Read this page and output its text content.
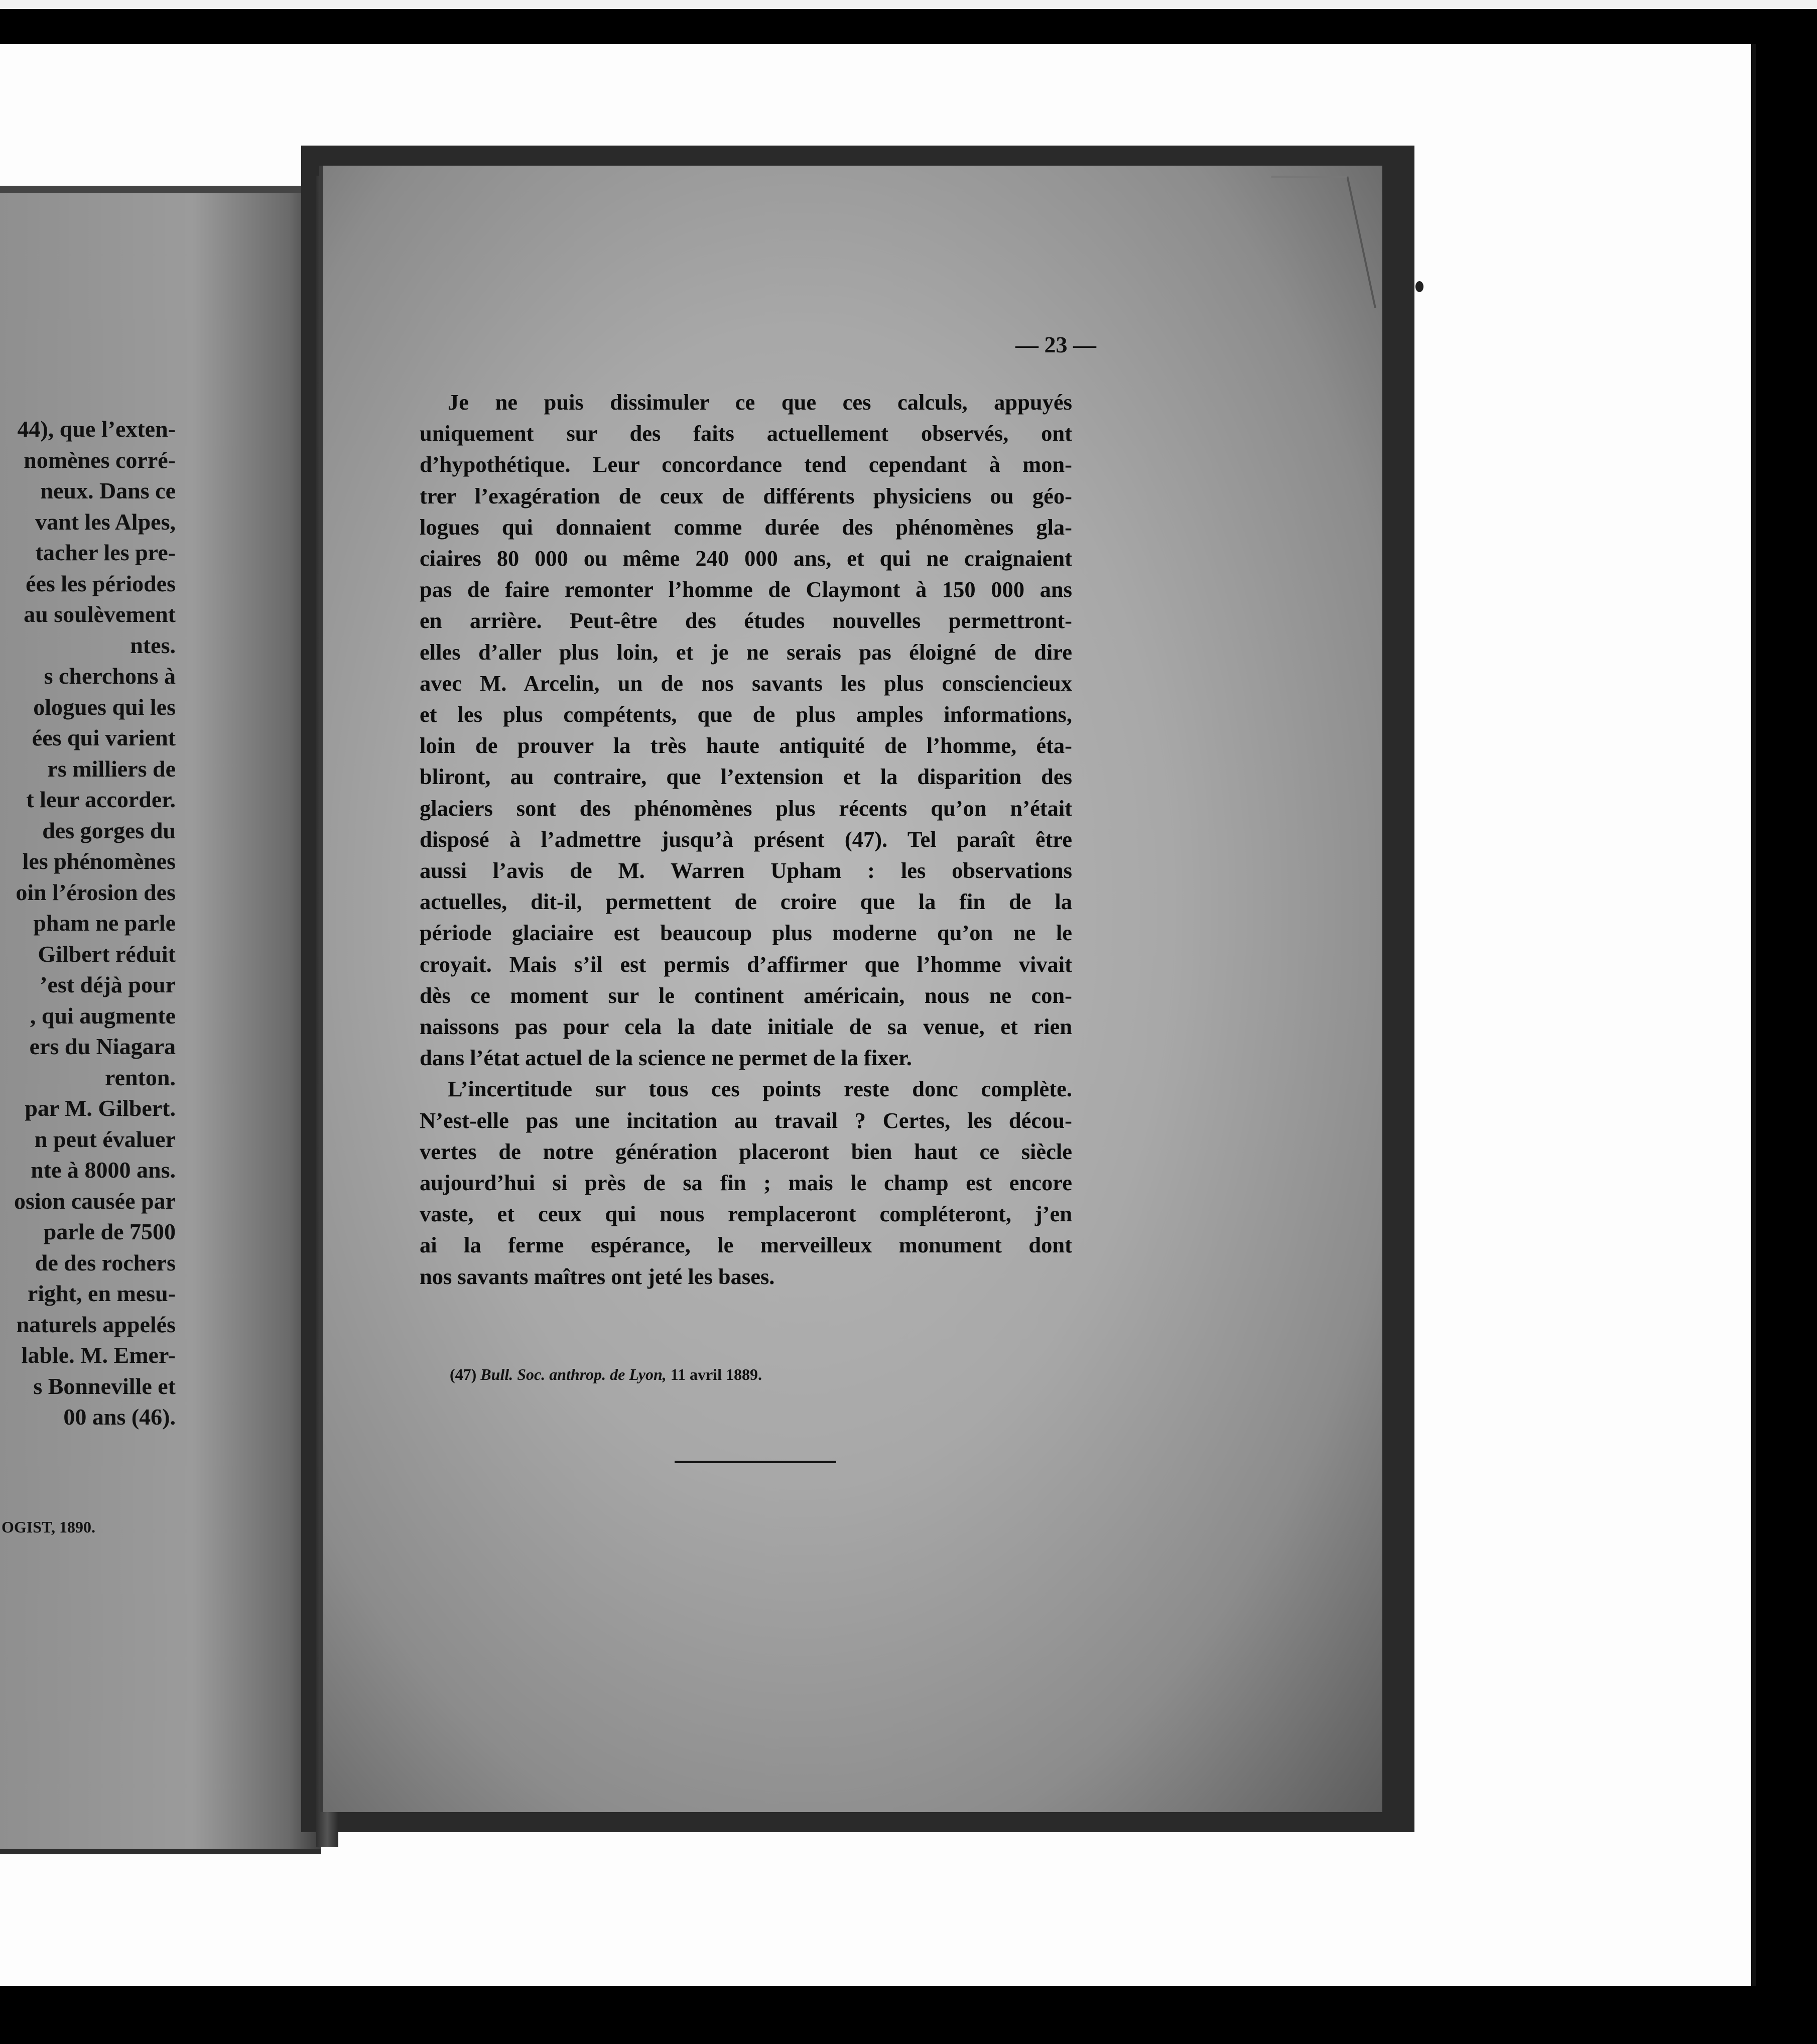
44), que l’exten-
nomènes corré-
neux. Dans ce
vant les Alpes,
tacher les pre-
ées les périodes
au soulèvement
ntes.
s cherchons à
ologues qui les
ées qui varient
rs milliers de
t leur accorder.
des gorges du
les phénomènes
oin l’érosion des
pham ne parle
Gilbert réduit
’est déjà pour
, qui augmente
ers du Niagara
renton.
par M. Gilbert.
n peut évaluer
nte à 8000 ans.
osion causée par
parle de 7500
de des rochers
right, en mesu-
naturels appelés
lable. M. Emer-
s Bonneville et
00 ans (46).
OGIST, 1890.
— 23 —
Je ne puis dissimuler ce que ces calculs, appuyés
uniquement sur des faits actuellement observés, ont
d’hypothétique. Leur concordance tend cependant à mon-
trer l’exagération de ceux de différents physiciens ou géo-
logues qui donnaient comme durée des phénomènes gla-
ciaires 80 000 ou même 240 000 ans, et qui ne craignaient
pas de faire remonter l’homme de Claymont à 150 000 ans
en arrière. Peut-être des études nouvelles permettront-
elles d’aller plus loin, et je ne serais pas éloigné de dire
avec M. Arcelin, un de nos savants les plus consciencieux
et les plus compétents, que de plus amples informations,
loin de prouver la très haute antiquité de l’homme, éta-
bliront, au contraire, que l’extension et la disparition des
glaciers sont des phénomènes plus récents qu’on n’était
disposé à l’admettre jusqu’à présent (47). Tel paraît être
aussi l’avis de M. Warren Upham : les observations
actuelles, dit-il, permettent de croire que la fin de la
période glaciaire est beaucoup plus moderne qu’on ne le
croyait. Mais s’il est permis d’affirmer que l’homme vivait
dès ce moment sur le continent américain, nous ne con-
naissons pas pour cela la date initiale de sa venue, et rien
dans l’état actuel de la science ne permet de la fixer.
L’incertitude sur tous ces points reste donc complète.
N’est-elle pas une incitation au travail ? Certes, les décou-
vertes de notre génération placeront bien haut ce siècle
aujourd’hui si près de sa fin ; mais le champ est encore
vaste, et ceux qui nous remplaceront compléteront, j’en
ai la ferme espérance, le merveilleux monument dont
nos savants maîtres ont jeté les bases.
(47) Bull. Soc. anthrop. de Lyon, 11 avril 1889.
